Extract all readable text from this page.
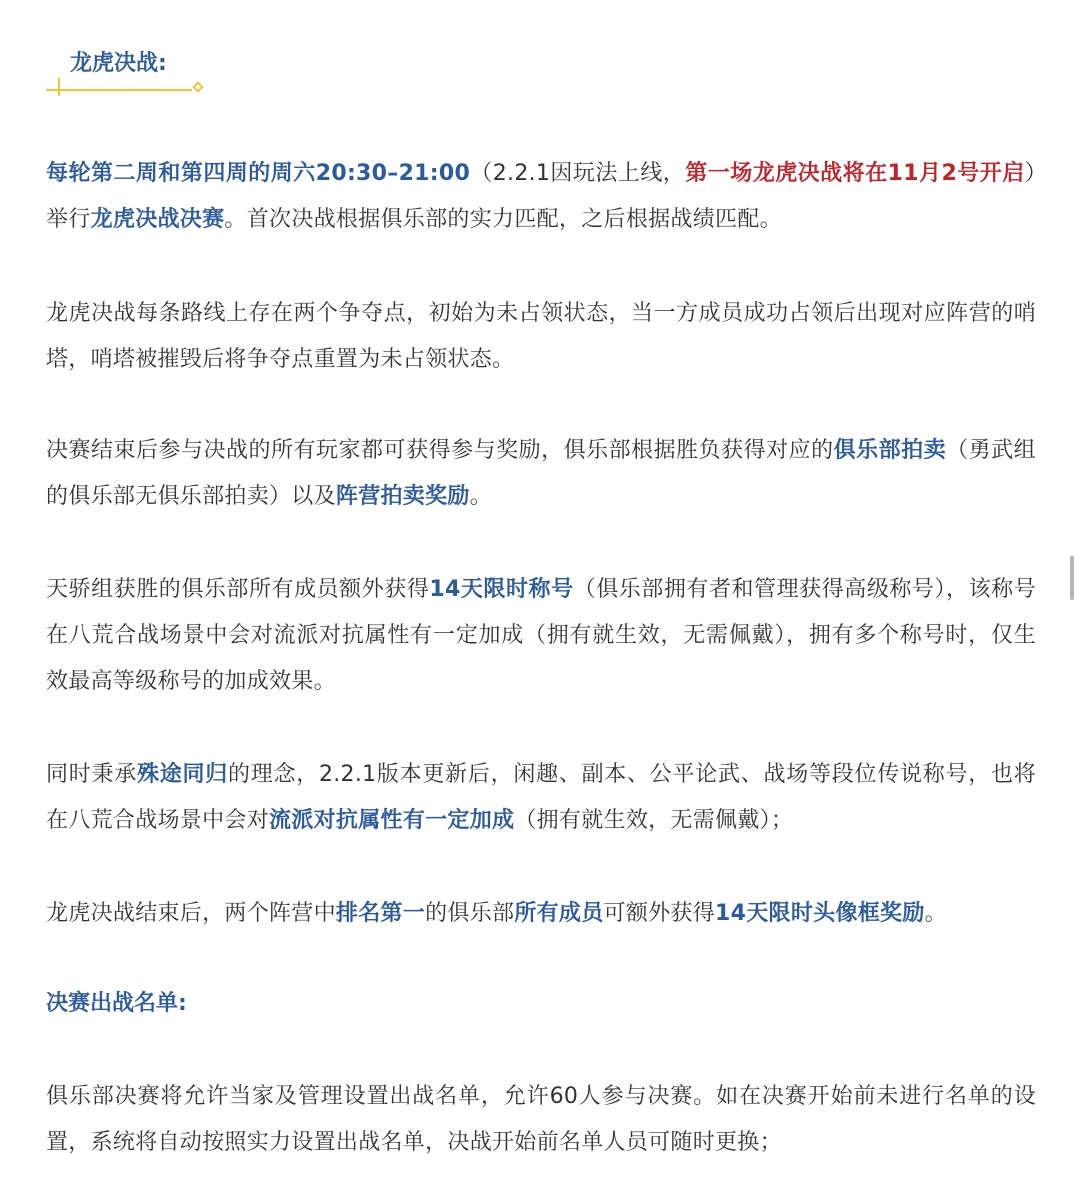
龙虎决战:

每轮第二周和第四周的周六20:30–21:00（2.2.1因玩法上线，第一场龙虎决战将在11月2号开启）举行龙虎决战决赛。首次决战根据俱乐部的实力匹配，之后根据战绩匹配。

龙虎决战每条路线上存在两个争夺点，初始为未占领状态，当一方成员成功占领后出现对应阵营的哨塔，哨塔被摧毁后将争夺点重置为未占领状态。

决赛结束后参与决战的所有玩家都可获得参与奖励，俱乐部根据胜负获得对应的俱乐部拍卖（勇武组的俱乐部无俱乐部拍卖）以及阵营拍卖奖励。

天骄组获胜的俱乐部所有成员额外获得14天限时称号（俱乐部拥有者和管理获得高级称号），该称号在八荒合战场景中会对流派对抗属性有一定加成（拥有就生效，无需佩戴），拥有多个称号时，仅生效最高等级称号的加成效果。

同时秉承殊途同归的理念，2.2.1版本更新后，闲趣、副本、公平论武、战场等段位传说称号，也将在八荒合战场景中会对流派对抗属性有一定加成（拥有就生效，无需佩戴）；

龙虎决战结束后，两个阵营中排名第一的俱乐部所有成员可额外获得14天限时头像框奖励。

决赛出战名单:

俱乐部决赛将允许当家及管理设置出战名单，允许60人参与决赛。如在决赛开始前未进行名单的设置，系统将自动按照实力设置出战名单，决战开始前名单人员可随时更换；
